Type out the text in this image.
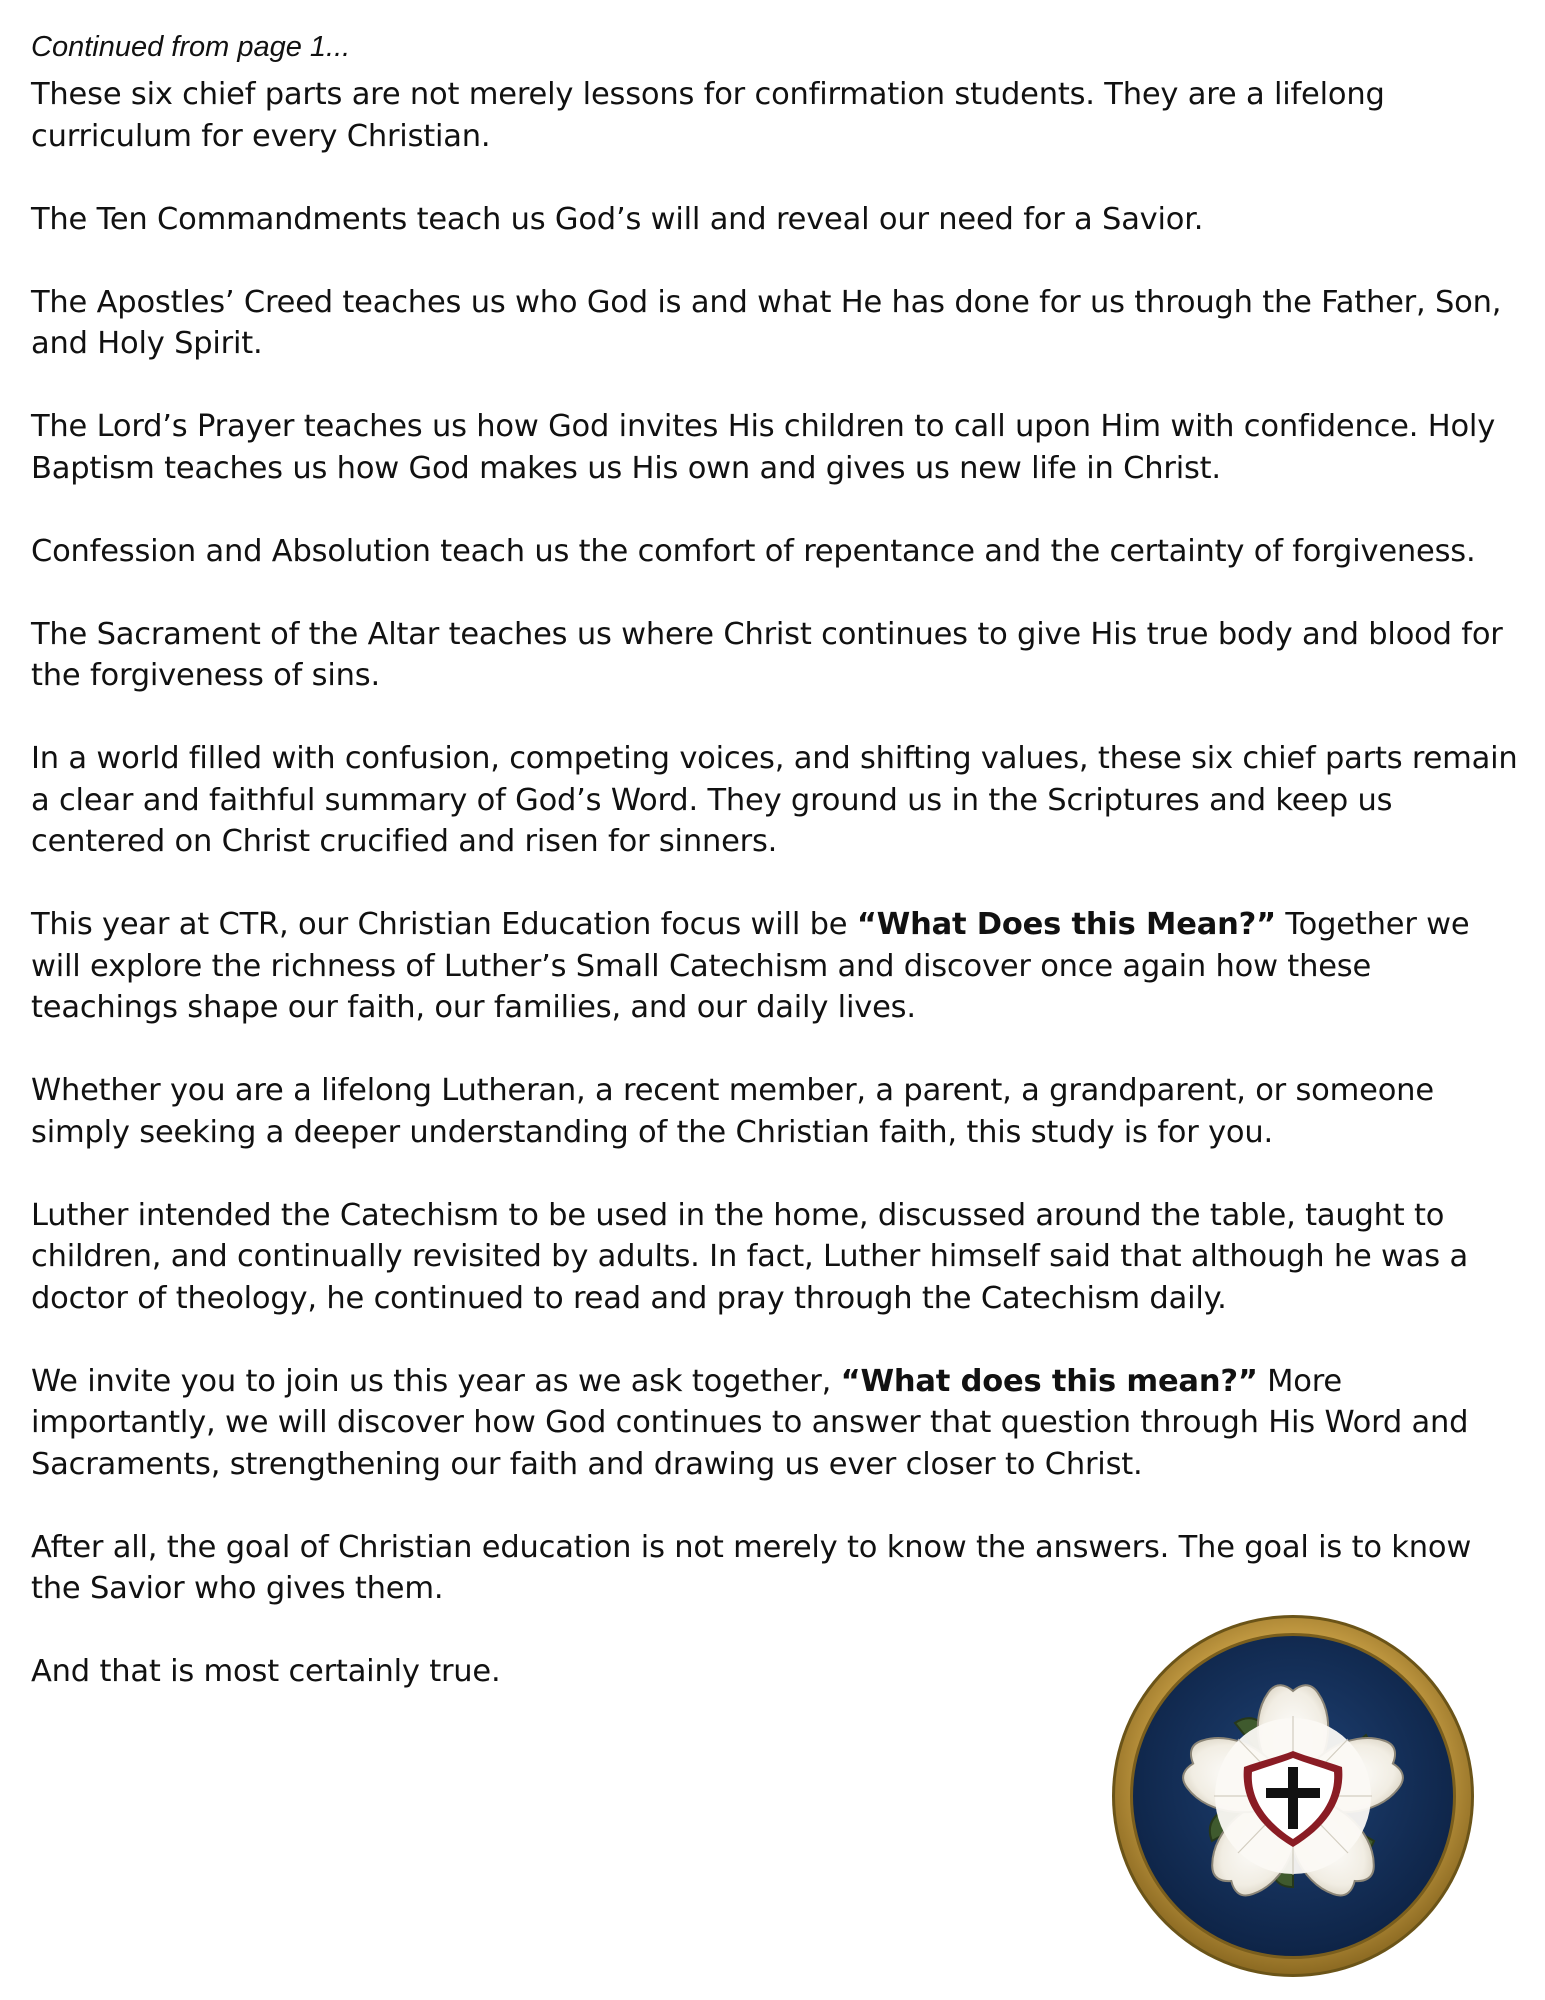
Continued from page 1...

These six chief parts are not merely lessons for confirmation students. They are a lifelong curriculum for every Christian.

The Ten Commandments teach us God’s will and reveal our need for a Savior.

The Apostles’ Creed teaches us who God is and what He has done for us through the Father, Son, and Holy Spirit.

The Lord’s Prayer teaches us how God invites His children to call upon Him with confidence. Holy Baptism teaches us how God makes us His own and gives us new life in Christ.

Confession and Absolution teach us the comfort of repentance and the certainty of forgiveness.

The Sacrament of the Altar teaches us where Christ continues to give His true body and blood for the forgiveness of sins.

In a world filled with confusion, competing voices, and shifting values, these six chief parts remain a clear and faithful summary of God’s Word. They ground us in the Scriptures and keep us centered on Christ crucified and risen for sinners.

This year at CTR, our Christian Education focus will be “What Does this Mean?” Together we will explore the richness of Luther’s Small Catechism and discover once again how these teachings shape our faith, our families, and our daily lives.

Whether you are a lifelong Lutheran, a recent member, a parent, a grandparent, or someone simply seeking a deeper understanding of the Christian faith, this study is for you.

Luther intended the Catechism to be used in the home, discussed around the table, taught to children, and continually revisited by adults. In fact, Luther himself said that although he was a doctor of theology, he continued to read and pray through the Catechism daily.

We invite you to join us this year as we ask together, “What does this mean?” More importantly, we will discover how God continues to answer that question through His Word and Sacraments, strengthening our faith and drawing us ever closer to Christ.

After all, the goal of Christian education is not merely to know the answers. The goal is to know the Savior who gives them.

And that is most certainly true.
